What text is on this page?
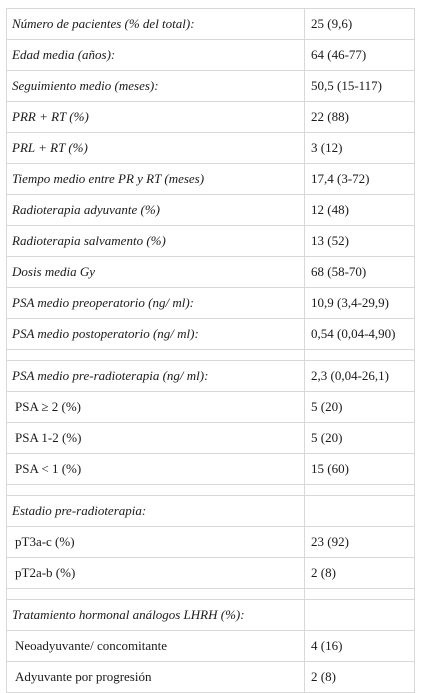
Número de pacientes (% del total):	25 (9,6)
Edad media (años):	64 (46-77)
Seguimiento medio (meses):	50,5 (15-117)
PRR + RT (%)	22 (88)
PRL + RT (%)	3 (12)
Tiempo medio entre PR y RT (meses)	17,4 (3-72)
Radioterapia adyuvante (%)	12 (48)
Radioterapia salvamento (%)	13 (52)
Dosis media Gy	68 (58-70)
PSA medio preoperatorio (ng/ ml):	10,9 (3,4-29,9)
PSA medio postoperatorio (ng/ ml):	0,54 (0,04-4,90)

PSA medio pre-radioterapia (ng/ ml):	2,3 (0,04-26,1)
PSA ≥ 2 (%)	5 (20)
PSA 1-2 (%)	5 (20)
PSA < 1 (%)	15 (60)

Estadio pre-radioterapia:	
pT3a-c (%)	23 (92)
pT2a-b (%)	2 (8)

Tratamiento hormonal análogos LHRH (%):	
Neoadyuvante/ concomitante	4 (16)
Adyuvante por progresión	2 (8)
